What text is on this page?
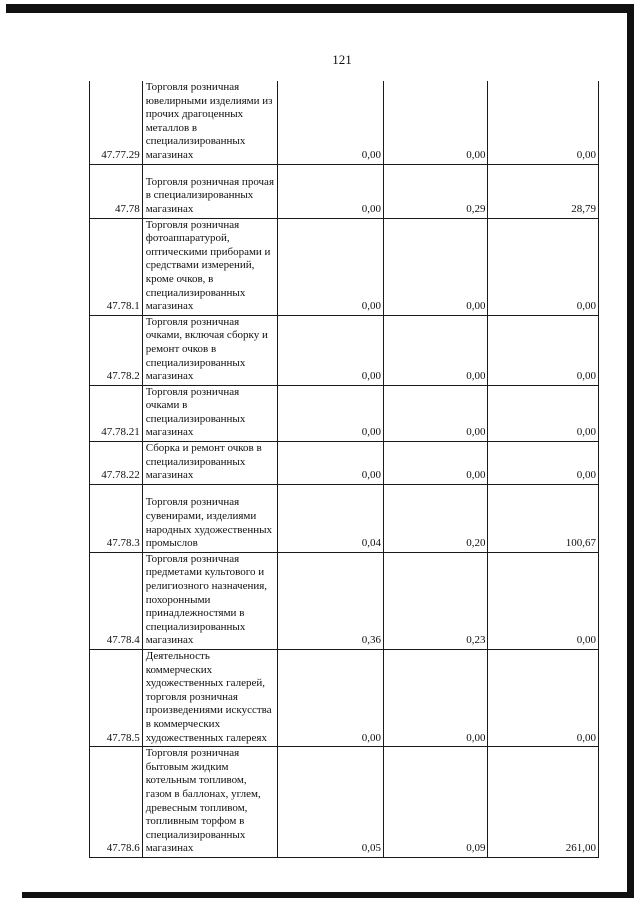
121
47.77.29	Торговля розничная ювелирными изделиями из прочих драгоценных металлов в специализированных магазинах	0,00	0,00	0,00
47.78	Торговля розничная прочая в специализированных магазинах	0,00	0,29	28,79
47.78.1	Торговля розничная фотоаппаратурой, оптическими приборами и средствами измерений, кроме очков, в специализированных магазинах	0,00	0,00	0,00
47.78.2	Торговля розничная очками, включая сборку и ремонт очков в специализированных магазинах	0,00	0,00	0,00
47.78.21	Торговля розничная очками в специализированных магазинах	0,00	0,00	0,00
47.78.22	Сборка и ремонт очков в специализированных магазинах	0,00	0,00	0,00
47.78.3	Торговля розничная сувенирами, изделиями народных художественных промыслов	0,04	0,20	100,67
47.78.4	Торговля розничная предметами культового и религиозного назначения, похоронными принадлежностями в специализированных магазинах	0,36	0,23	0,00
47.78.5	Деятельность коммерческих художественных галерей, торговля розничная произведениями искусства в коммерческих художественных галереях	0,00	0,00	0,00
47.78.6	Торговля розничная бытовым жидким котельным топливом, газом в баллонах, углем, древесным топливом, топливным торфом в специализированных магазинах	0,05	0,09	261,00
